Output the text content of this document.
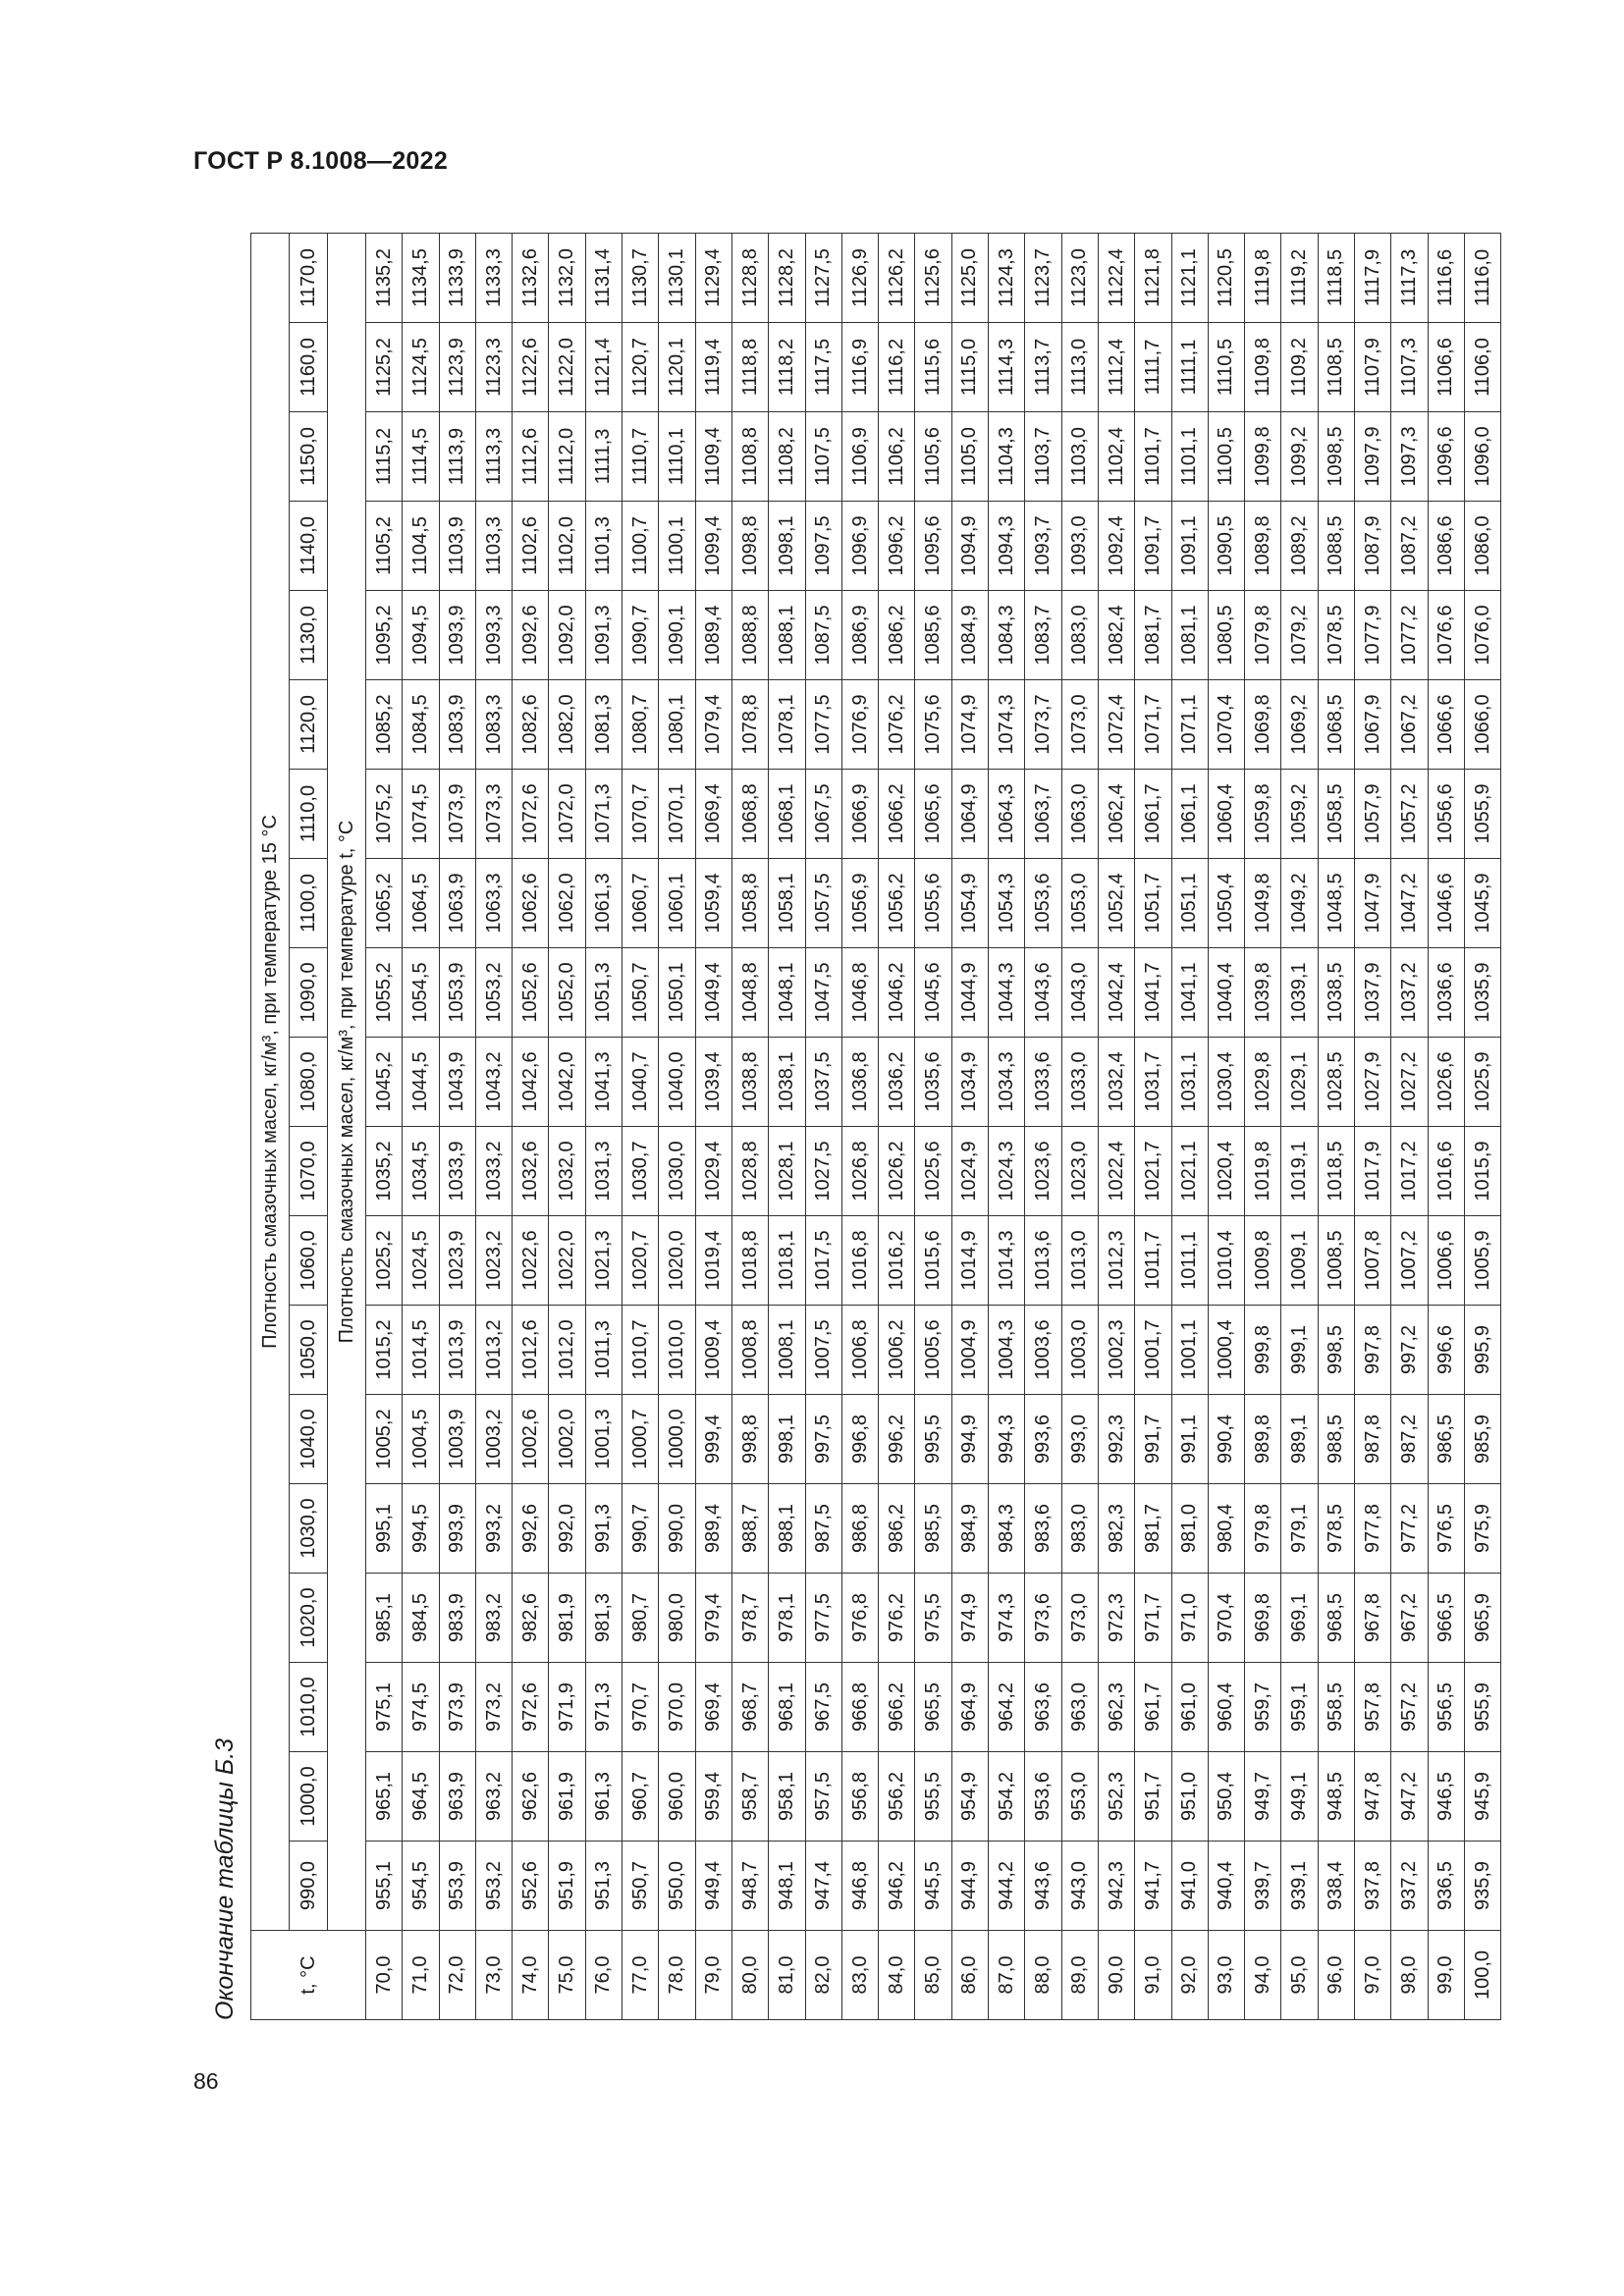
ГОСТ Р 8.1008—2022
86
Окончание таблицы Б.3	t, °C	Плотность смазочных масел, кг/м³, при температуре 15 °С																		
	990,0	1000,0	1010,0	1020,0	1030,0	1040,0	1050,0	1060,0	1070,0	1080,0	1090,0	1100,0	1110,0	1120,0	1130,0	1140,0	1150,0	1160,0	1170,0
	Плотность смазочных масел, кг/м³, при температуре t, °С																		
70,0	955,1	965,1	975,1	985,1	995,1	1005,2	1015,2	1025,2	1035,2	1045,2	1055,2	1065,2	1075,2	1085,2	1095,2	1105,2	1115,2	1125,2	1135,2
71,0	954,5	964,5	974,5	984,5	994,5	1004,5	1014,5	1024,5	1034,5	1044,5	1054,5	1064,5	1074,5	1084,5	1094,5	1104,5	1114,5	1124,5	1134,5
72,0	953,9	963,9	973,9	983,9	993,9	1003,9	1013,9	1023,9	1033,9	1043,9	1053,9	1063,9	1073,9	1083,9	1093,9	1103,9	1113,9	1123,9	1133,9
73,0	953,2	963,2	973,2	983,2	993,2	1003,2	1013,2	1023,2	1033,2	1043,2	1053,2	1063,3	1073,3	1083,3	1093,3	1103,3	1113,3	1123,3	1133,3
74,0	952,6	962,6	972,6	982,6	992,6	1002,6	1012,6	1022,6	1032,6	1042,6	1052,6	1062,6	1072,6	1082,6	1092,6	1102,6	1112,6	1122,6	1132,6
75,0	951,9	961,9	971,9	981,9	992,0	1002,0	1012,0	1022,0	1032,0	1042,0	1052,0	1062,0	1072,0	1082,0	1092,0	1102,0	1112,0	1122,0	1132,0
76,0	951,3	961,3	971,3	981,3	991,3	1001,3	1011,3	1021,3	1031,3	1041,3	1051,3	1061,3	1071,3	1081,3	1091,3	1101,3	1111,3	1121,4	1131,4
77,0	950,7	960,7	970,7	980,7	990,7	1000,7	1010,7	1020,7	1030,7	1040,7	1050,7	1060,7	1070,7	1080,7	1090,7	1100,7	1110,7	1120,7	1130,7
78,0	950,0	960,0	970,0	980,0	990,0	1000,0	1010,0	1020,0	1030,0	1040,0	1050,1	1060,1	1070,1	1080,1	1090,1	1100,1	1110,1	1120,1	1130,1
79,0	949,4	959,4	969,4	979,4	989,4	999,4	1009,4	1019,4	1029,4	1039,4	1049,4	1059,4	1069,4	1079,4	1089,4	1099,4	1109,4	1119,4	1129,4
80,0	948,7	958,7	968,7	978,7	988,7	998,8	1008,8	1018,8	1028,8	1038,8	1048,8	1058,8	1068,8	1078,8	1088,8	1098,8	1108,8	1118,8	1128,8
81,0	948,1	958,1	968,1	978,1	988,1	998,1	1008,1	1018,1	1028,1	1038,1	1048,1	1058,1	1068,1	1078,1	1088,1	1098,1	1108,2	1118,2	1128,2
82,0	947,4	957,5	967,5	977,5	987,5	997,5	1007,5	1017,5	1027,5	1037,5	1047,5	1057,5	1067,5	1077,5	1087,5	1097,5	1107,5	1117,5	1127,5
83,0	946,8	956,8	966,8	976,8	986,8	996,8	1006,8	1016,8	1026,8	1036,8	1046,8	1056,9	1066,9	1076,9	1086,9	1096,9	1106,9	1116,9	1126,9
84,0	946,2	956,2	966,2	976,2	986,2	996,2	1006,2	1016,2	1026,2	1036,2	1046,2	1056,2	1066,2	1076,2	1086,2	1096,2	1106,2	1116,2	1126,2
85,0	945,5	955,5	965,5	975,5	985,5	995,5	1005,6	1015,6	1025,6	1035,6	1045,6	1055,6	1065,6	1075,6	1085,6	1095,6	1105,6	1115,6	1125,6
86,0	944,9	954,9	964,9	974,9	984,9	994,9	1004,9	1014,9	1024,9	1034,9	1044,9	1054,9	1064,9	1074,9	1084,9	1094,9	1105,0	1115,0	1125,0
87,0	944,2	954,2	964,2	974,3	984,3	994,3	1004,3	1014,3	1024,3	1034,3	1044,3	1054,3	1064,3	1074,3	1084,3	1094,3	1104,3	1114,3	1124,3
88,0	943,6	953,6	963,6	973,6	983,6	993,6	1003,6	1013,6	1023,6	1033,6	1043,6	1053,6	1063,7	1073,7	1083,7	1093,7	1103,7	1113,7	1123,7
89,0	943,0	953,0	963,0	973,0	983,0	993,0	1003,0	1013,0	1023,0	1033,0	1043,0	1053,0	1063,0	1073,0	1083,0	1093,0	1103,0	1113,0	1123,0
90,0	942,3	952,3	962,3	972,3	982,3	992,3	1002,3	1012,3	1022,4	1032,4	1042,4	1052,4	1062,4	1072,4	1082,4	1092,4	1102,4	1112,4	1122,4
91,0	941,7	951,7	961,7	971,7	981,7	991,7	1001,7	1011,7	1021,7	1031,7	1041,7	1051,7	1061,7	1071,7	1081,7	1091,7	1101,7	1111,7	1121,8
92,0	941,0	951,0	961,0	971,0	981,0	991,1	1001,1	1011,1	1021,1	1031,1	1041,1	1051,1	1061,1	1071,1	1081,1	1091,1	1101,1	1111,1	1121,1
93,0	940,4	950,4	960,4	970,4	980,4	990,4	1000,4	1010,4	1020,4	1030,4	1040,4	1050,4	1060,4	1070,4	1080,5	1090,5	1100,5	1110,5	1120,5
94,0	939,7	949,7	959,7	969,8	979,8	989,8	999,8	1009,8	1019,8	1029,8	1039,8	1049,8	1059,8	1069,8	1079,8	1089,8	1099,8	1109,8	1119,8
95,0	939,1	949,1	959,1	969,1	979,1	989,1	999,1	1009,1	1019,1	1029,1	1039,1	1049,2	1059,2	1069,2	1079,2	1089,2	1099,2	1109,2	1119,2
96,0	938,4	948,5	958,5	968,5	978,5	988,5	998,5	1008,5	1018,5	1028,5	1038,5	1048,5	1058,5	1068,5	1078,5	1088,5	1098,5	1108,5	1118,5
97,0	937,8	947,8	957,8	967,8	977,8	987,8	997,8	1007,8	1017,9	1027,9	1037,9	1047,9	1057,9	1067,9	1077,9	1087,9	1097,9	1107,9	1117,9
98,0	937,2	947,2	957,2	967,2	977,2	987,2	997,2	1007,2	1017,2	1027,2	1037,2	1047,2	1057,2	1067,2	1077,2	1087,2	1097,3	1107,3	1117,3
99,0	936,5	946,5	956,5	966,5	976,5	986,5	996,6	1006,6	1016,6	1026,6	1036,6	1046,6	1056,6	1066,6	1076,6	1086,6	1096,6	1106,6	1116,6
100,0	935,9	945,9	955,9	965,9	975,9	985,9	995,9	1005,9	1015,9	1025,9	1035,9	1045,9	1055,9	1066,0	1076,0	1086,0	1096,0	1106,0	1116,0
